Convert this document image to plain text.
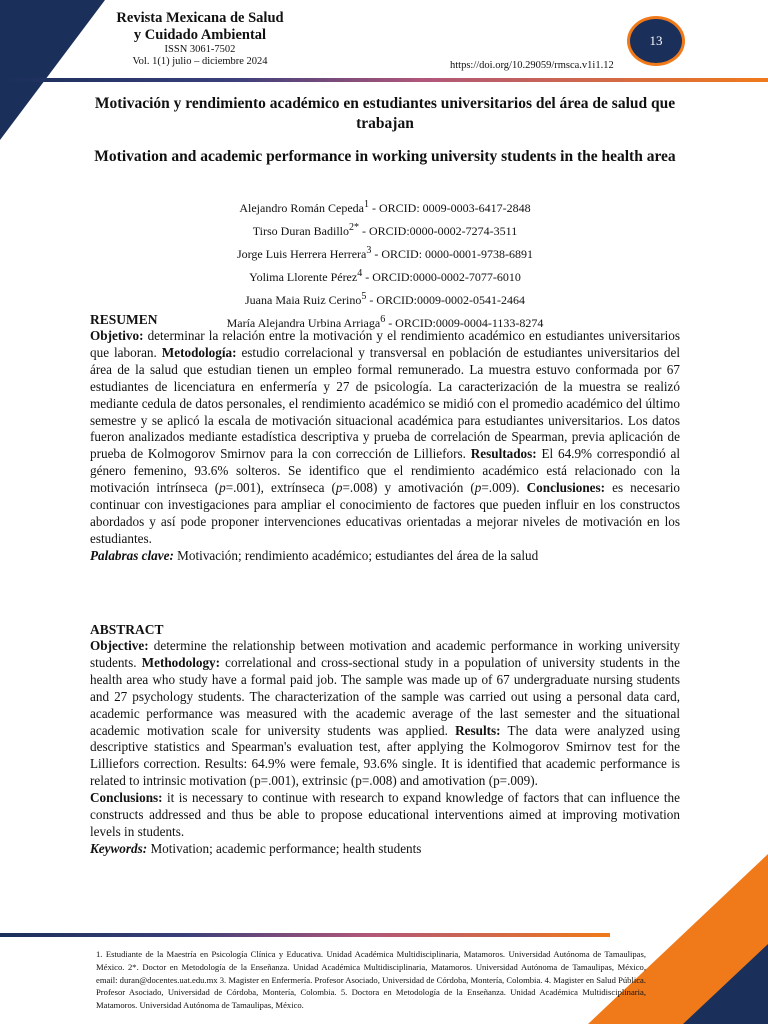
Revista Mexicana de Salud
y Cuidado Ambiental
ISSN 3061-7502
Vol. 1(1) julio – diciembre 2024
13
https://doi.org/10.29059/rmsca.v1i1.12
Motivación y rendimiento académico en estudiantes universitarios del área de salud que trabajan
Motivation and academic performance in working university students in the health area
Alejandro Román Cepeda$^1$ - ORCID: 0009-0003-6417-2848
Tirso Duran Badillo$^{2*}$ - ORCID:0000-0002-7274-3511
Jorge Luis Herrera Herrera$^3$ - ORCID: 0000-0001-9738-6891
Yolima Llorente Pérez$^4$ - ORCID:0000-0002-7077-6010
Juana Maia Ruiz Cerino$^5$ - ORCID:0009-0002-0541-2464
María Alejandra Urbina Arriaga$^6$ - ORCID:0009-0004-1133-8274
RESUMEN

Objetivo: determinar la relación entre la motivación y el rendimiento académico en estudiantes universitarios que laboran. Metodología: estudio correlacional y transversal en población de estudiantes universitarios del área de la salud que estudian tienen un empleo formal remunerado. La muestra estuvo conformada por 67 estudiantes de licenciatura en enfermería y 27 de psicología. La caracterización de la muestra se realizó mediante cedula de datos personales, el rendimiento académico se midió con el promedio académico del último semestre y se aplicó la escala de motivación situacional académica para estudiantes universitarios. Los datos fueron analizados mediante estadística descriptiva y prueba de correlación de Spearman, previa aplicación de prueba de Kolmogorov Smirnov para la con corrección de Lilliefors. Resultados: El 64.9% correspondió al género femenino, 93.6% solteros. Se identifico que el rendimiento académico está relacionado con la motivación intrínseca (p=.001), extrínseca (p=.008) y amotivación (p=.009). Conclusiones: es necesario continuar con investigaciones para ampliar el conocimiento de factores que pueden influir en los constructos abordados y así pode proponer intervenciones educativas orientadas a mejorar niveles de motivación en los estudiantes.

Palabras clave: Motivación; rendimiento académico; estudiantes del área de la salud

ABSTRACT

Objective: determine the relationship between motivation and academic performance in working university students. Methodology: correlational and cross-sectional study in a population of university students in the health area who study have a formal paid job. The sample was made up of 67 undergraduate nursing students and 27 psychology students. The characterization of the sample was carried out using a personal data card, academic performance was measured with the academic average of the last semester and the situational academic motivation scale for university students was applied. Results: The data were analyzed using descriptive statistics and Spearman's evaluation test, after applying the Kolmogorov Smirnov test for the Lilliefors correction. Results: 64.9% were female, 93.6% single. It is identified that academic performance is related to intrinsic motivation (p=.001), extrinsic (p=.008) and amotivation (p=.009).

Conclusions: it is necessary to continue with research to expand knowledge of factors that can influence the constructs addressed and thus be able to propose educational interventions aimed at improving motivation levels in students.

Keywords: Motivation; academic performance; health students

1. Estudiante de la Maestría en Psicología Clínica y Educativa. Unidad Académica Multidisciplinaria, Matamoros. Universidad Autónoma de Tamaulipas, México. 2*. Doctor en Metodología de la Enseñanza. Unidad Académica Multidisciplinaria, Matamoros. Universidad Autónoma de Tamaulipas, México, email: duran@docentes.uat.edu.mx 3. Magister en Enfermería. Profesor Asociado, Universidad de Córdoba, Montería, Colombia. 4. Magister en Salud Pública. Profesor Asociado, Universidad de Córdoba, Montería, Colombia. 5. Doctora en Metodología de la Enseñanza. Unidad Académica Multidisciplinaria, Matamoros. Universidad Autónoma de Tamaulipas, México.
